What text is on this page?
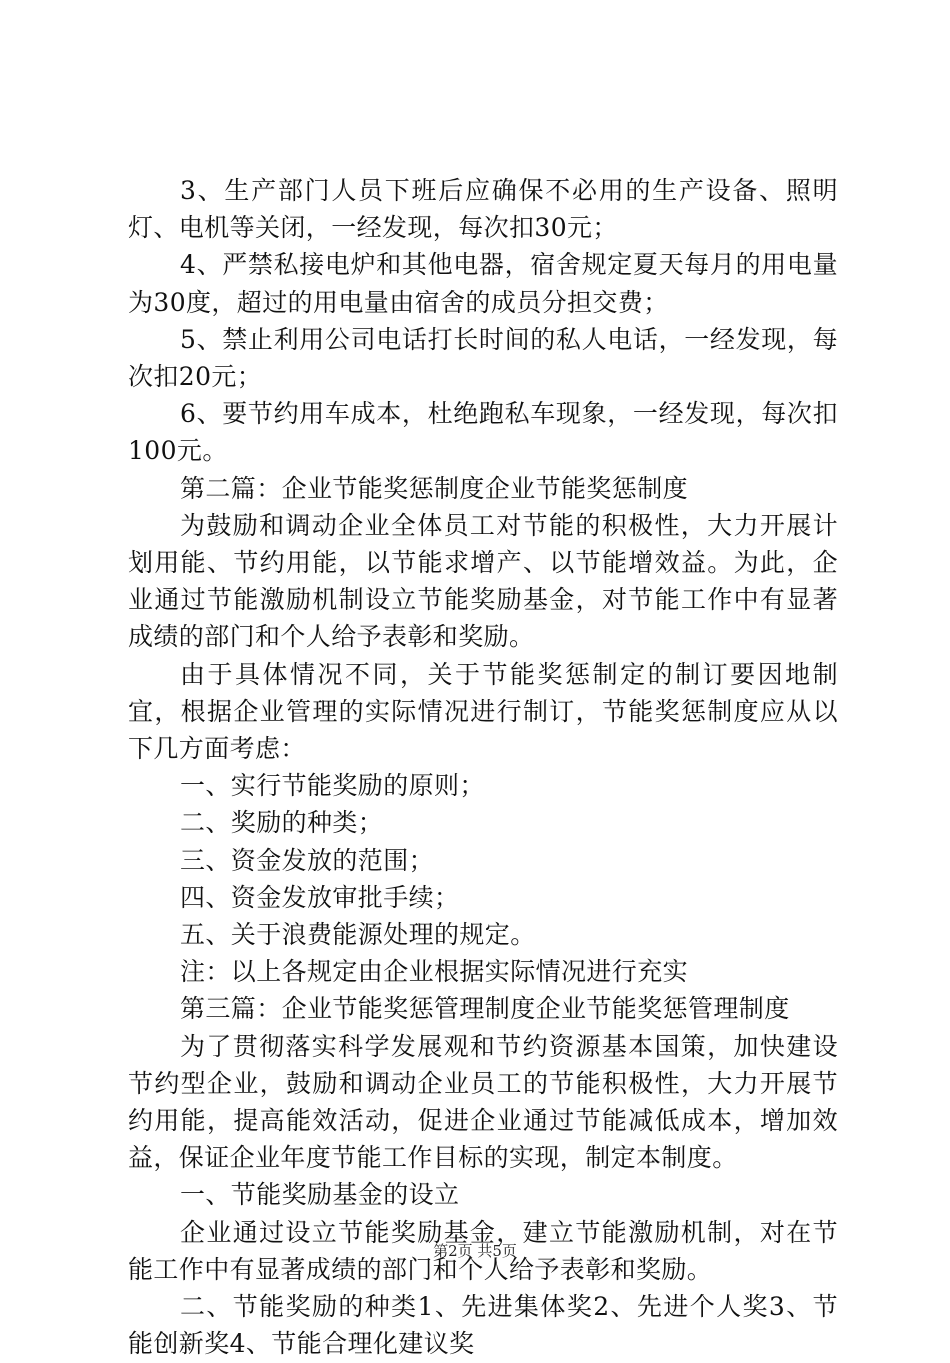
3、生产部门人员下班后应确保不必用的生产设备、照明灯、电机等关闭，一经发现，每次扣30元；

4、严禁私接电炉和其他电器，宿舍规定夏天每月的用电量为30度，超过的用电量由宿舍的成员分担交费；

5、禁止利用公司电话打长时间的私人电话，一经发现，每次扣20元；

6、要节约用车成本，杜绝跑私车现象，一经发现，每次扣100元。

第二篇：企业节能奖惩制度企业节能奖惩制度

为鼓励和调动企业全体员工对节能的积极性，大力开展计划用能、节约用能，以节能求增产、以节能增效益。为此，企业通过节能激励机制设立节能奖励基金，对节能工作中有显著成绩的部门和个人给予表彰和奖励。

由于具体情况不同，关于节能奖惩制定的制订要因地制宜，根据企业管理的实际情况进行制订，节能奖惩制度应从以下几方面考虑：

一、实行节能奖励的原则；

二、奖励的种类；

三、资金发放的范围；

四、资金发放审批手续；

五、关于浪费能源处理的规定。

注：以上各规定由企业根据实际情况进行充实

第三篇：企业节能奖惩管理制度企业节能奖惩管理制度

为了贯彻落实科学发展观和节约资源基本国策，加快建设节约型企业，鼓励和调动企业员工的节能积极性，大力开展节约用能，提高能效活动，促进企业通过节能减低成本，增加效益，保证企业年度节能工作目标的实现，制定本制度。

一、节能奖励基金的设立

企业通过设立节能奖励基金，建立节能激励机制，对在节能工作中有显著成绩的部门和个人给予表彰和奖励。

二、节能奖励的种类1、先进集体奖2、先进个人奖3、节能创新奖4、节能合理化建议奖

第2页 共5页
